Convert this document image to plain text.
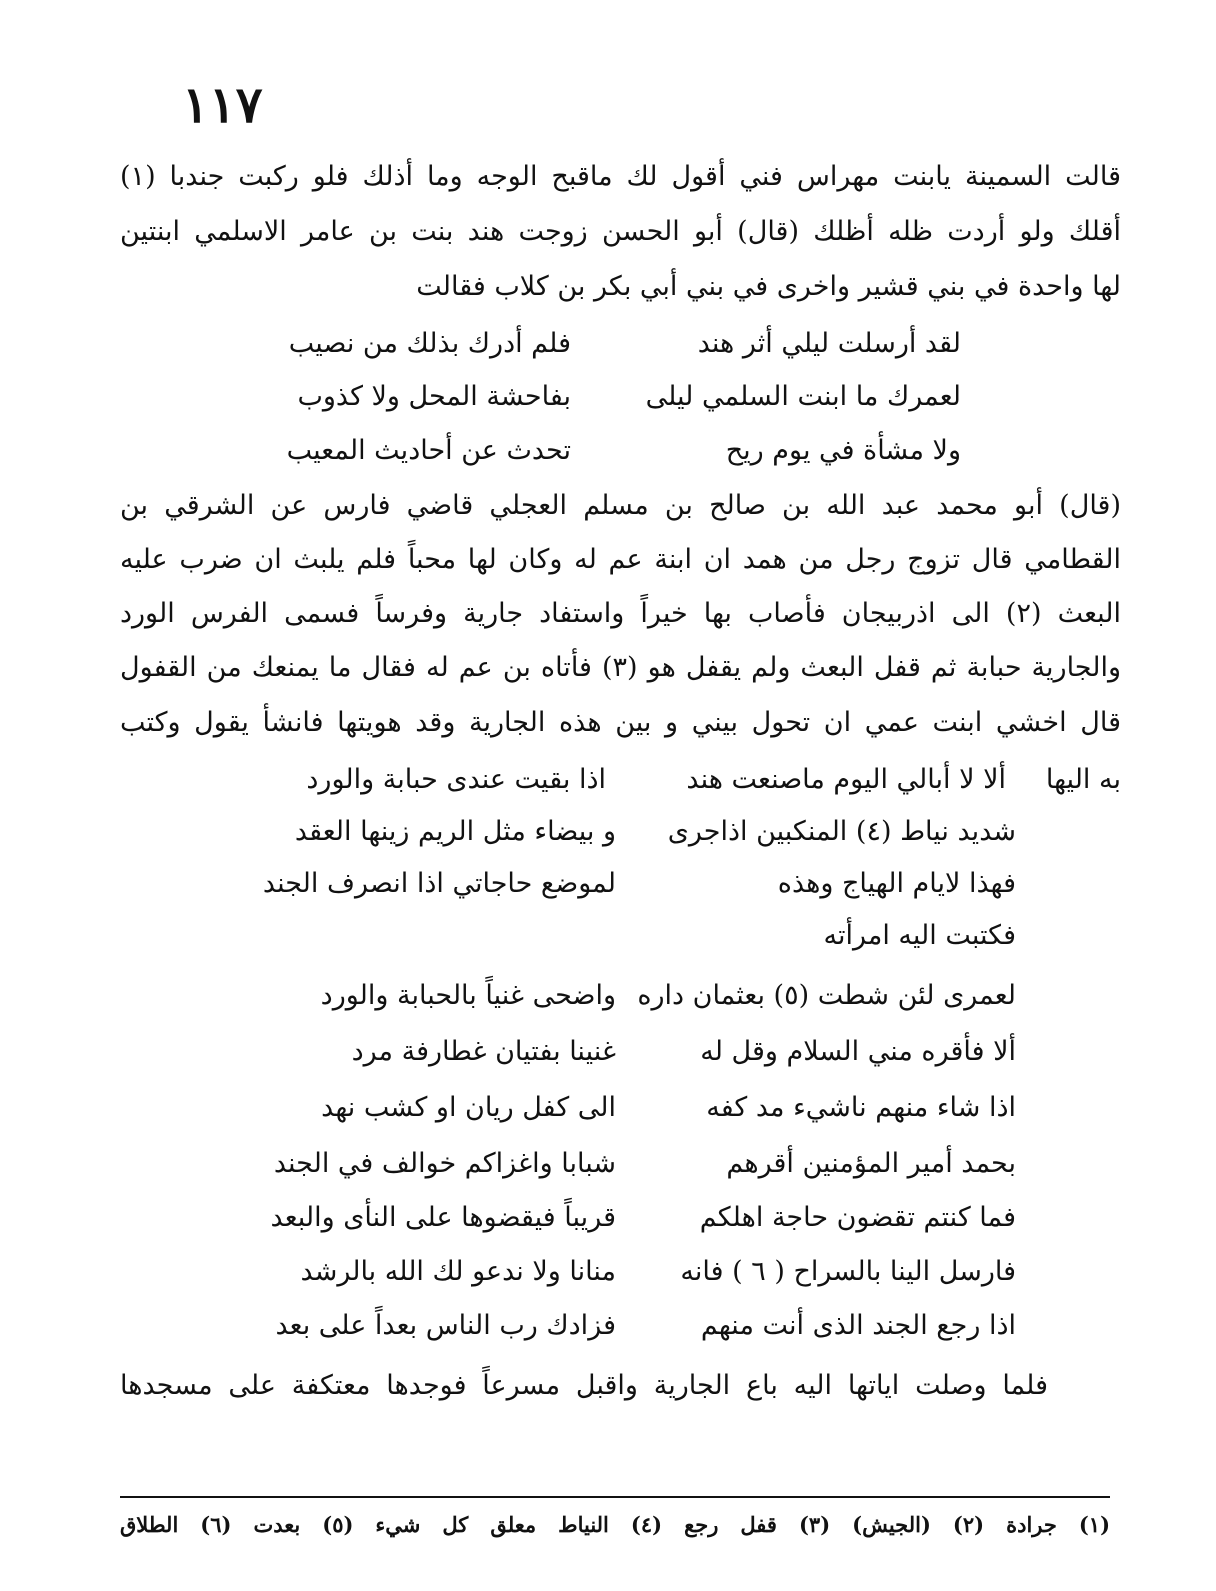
١١٧
قالت السمينة يابنت مهراس فني أقول لك ماقبح الوجه وما أذلك فلو ركبت جندبا (١)
أقلك ولو أردت ظله أظلك (قال) أبو الحسن زوجت هند بنت بن عامر الاسلمي ابنتين
لها واحدة في بني قشير واخرى في بني أبي بكر بن كلاب فقالت
لقد أرسلت ليلي أثر هند
فلم أدرك بذلك من نصيب
لعمرك ما ابنت السلمي ليلى
بفاحشة المحل ولا كذوب
ولا مشأة في يوم ريح
تحدث عن أحاديث المعيب
(قال) أبو محمد عبد الله بن صالح بن مسلم العجلي قاضي فارس عن الشرقي بن
القطامي قال تزوج رجل من همد ان ابنة عم له وكان لها محباً فلم يلبث ان ضرب عليه
البعث (٢) الى اذربيجان فأصاب بها خيراً واستفاد جارية وفرساً فسمى الفرس الورد
والجارية حبابة ثم قفل البعث ولم يقفل هو (٣) فأتاه بن عم له فقال ما يمنعك من القفول
قال اخشي ابنت عمي ان تحول بيني و بين هذه الجارية وقد هويتها فانشأ يقول وكتب
به اليها
ألا لا أبالي اليوم ماصنعت هند
اذا بقيت عندى حبابة والورد
شديد نياط (٤) المنكبين اذاجرى
و بيضاء مثل الريم زينها العقد
فهذا لايام الهياج وهذه
لموضع حاجاتي اذا انصرف الجند
فكتبت اليه امرأته
لعمرى لئن شطت (٥) بعثمان داره
واضحى غنياً بالحبابة والورد
ألا فأقره مني السلام وقل له
غنينا بفتيان غطارفة مرد
اذا شاء منهم ناشيء مد كفه
الى كفل ريان او كشب نهد
بحمد أمير المؤمنين أقرهم
شبابا واغزاكم خوالف في الجند
فما كنتم تقضون حاجة اهلكم
قريباً فيقضوها على النأى والبعد
فارسل الينا بالسراح ( ٦ ) فانه
منانا ولا ندعو لك الله بالرشد
اذا رجع الجند الذى أنت منهم
فزادك رب الناس بعداً على بعد
فلما وصلت اياتها اليه باع الجارية واقبل مسرعاً فوجدها معتكفة على مسجدها
(١) جرادة (٢) (الجيش) (٣) قفل رجع (٤) النياط معلق كل شيء (٥) بعدت (٦) الطلاق
